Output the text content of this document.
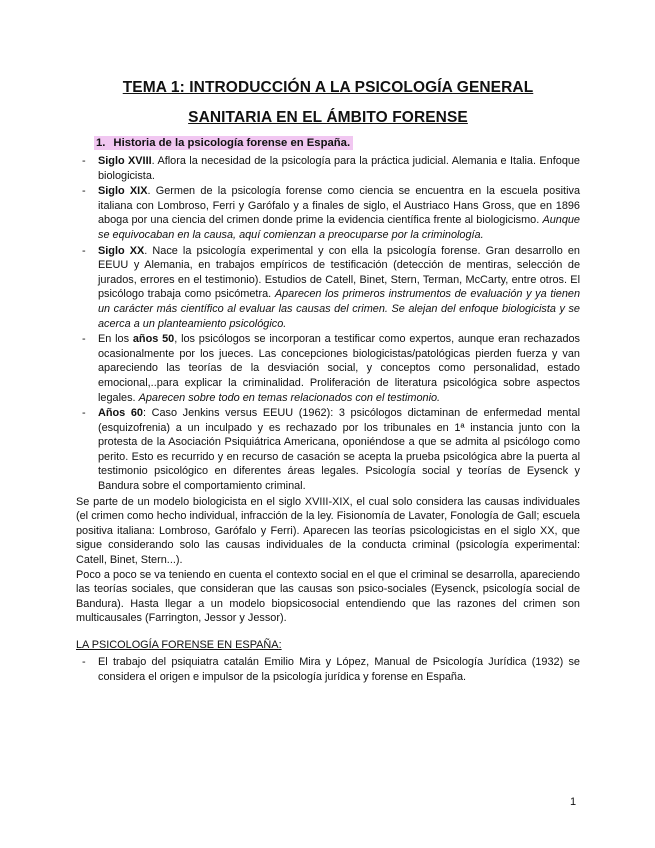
TEMA 1: INTRODUCCIÓN A LA PSICOLOGÍA GENERAL
SANITARIA EN EL ÁMBITO FORENSE
1. Historia de la psicología forense en España.
- Siglo XVIII. Aflora la necesidad de la psicología para la práctica judicial. Alemania e Italia. Enfoque biologicista.
- Siglo XIX. Germen de la psicología forense como ciencia se encuentra en la escuela positiva italiana con Lombroso, Ferri y Garófalo y a finales de siglo, el Austriaco Hans Gross, que en 1896 aboga por una ciencia del crimen donde prime la evidencia científica frente al biologicismo. Aunque se equivocaban en la causa, aquí comienzan a preocuparse por la criminología.
- Siglo XX. Nace la psicología experimental y con ella la psicología forense. Gran desarrollo en EEUU y Alemania, en trabajos empíricos de testificación (detección de mentiras, selección de jurados, errores en el testimonio). Estudios de Catell, Binet, Stern, Terman, McCarty, entre otros. El psicólogo trabaja como psicómetra. Aparecen los primeros instrumentos de evaluación y ya tienen un carácter más científico al evaluar las causas del crimen. Se alejan del enfoque biologicista y se acerca a un planteamiento psicológico.
- En los años 50, los psicólogos se incorporan a testificar como expertos, aunque eran rechazados ocasionalmente por los jueces. Las concepciones biologicistas/patológicas pierden fuerza y van apareciendo las teorías de la desviación social, y conceptos como personalidad, estado emocional,..para explicar la criminalidad. Proliferación de literatura psicológica sobre aspectos legales. Aparecen sobre todo en temas relacionados con el testimonio.
- Años 60: Caso Jenkins versus EEUU (1962): 3 psicólogos dictaminan de enfermedad mental (esquizofrenia) a un inculpado y es rechazado por los tribunales en 1ª instancia junto con la protesta de la Asociación Psiquiátrica Americana, oponiéndose a que se admita al psicólogo como perito. Esto es recurrido y en recurso de casación se acepta la prueba psicológica abre la puerta al testimonio psicológico en diferentes áreas legales. Psicología social y teorías de Eysenck y Bandura sobre el comportamiento criminal.

Se parte de un modelo biologicista en el siglo XVIII-XIX, el cual solo considera las causas individuales (el crimen como hecho individual, infracción de la ley. Fisionomía de Lavater, Fonología de Gall; escuela positiva italiana: Lombroso, Garófalo y Ferri). Aparecen las teorías psicologicistas en el siglo XX, que sigue considerando solo las causas individuales de la conducta criminal (psicología experimental: Catell, Binet, Stern...).

Poco a poco se va teniendo en cuenta el contexto social en el que el criminal se desarrolla, apareciendo las teorías sociales, que consideran que las causas son psico-sociales (Eysenck, psicología social de Bandura). Hasta llegar a un modelo biopsicosocial entendiendo que las razones del crimen son multicausales (Farrington, Jessor y Jessor).

LA PSICOLOGÍA FORENSE EN ESPAÑA:
- El trabajo del psiquiatra catalán Emilio Mira y López, Manual de Psicología Jurídica (1932) se considera el origen e impulsor de la psicología jurídica y forense en España.
1
